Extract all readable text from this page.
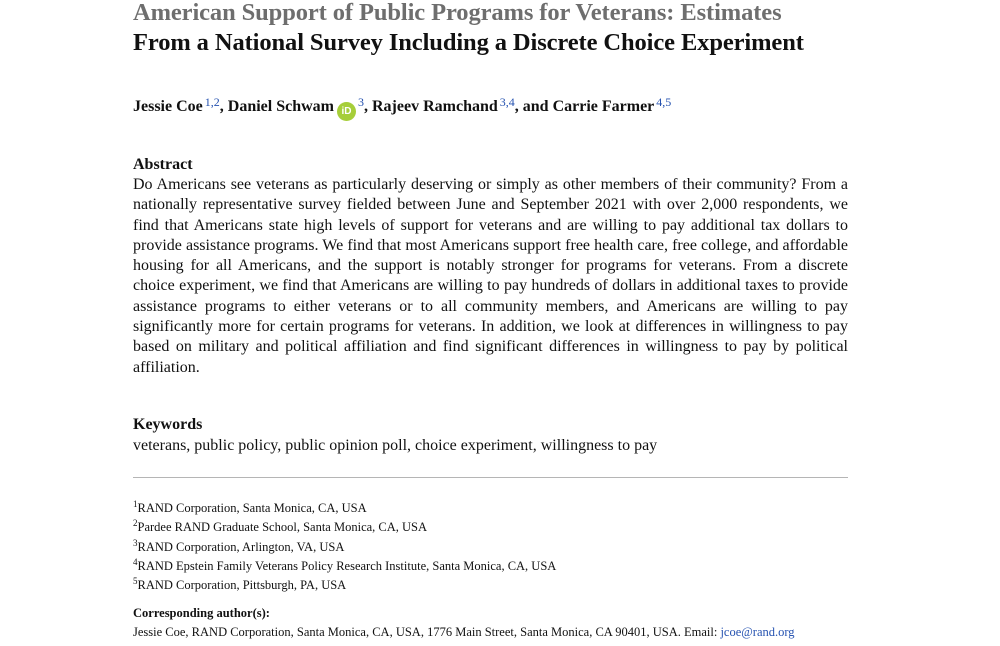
American Support of Public Programs for Veterans: Estimates
From a National Survey Including a Discrete Choice Experiment
Jessie Coe $^{1,2}$, Daniel Schwam $iD^3$, Rajeev Ramchand $^{3,4}$, and Carrie Farmer $^{4,5}$
Abstract

Do Americans see veterans as particularly deserving or simply as other members of their community? From a nationally representative survey fielded between June and September 2021 with over 2,000 respondents, we find that Americans state high levels of support for veterans and are willing to pay additional tax dollars to provide assistance programs. We find that most Americans support free health care, free college, and affordable housing for all Americans, and the support is notably stronger for programs for veterans. From a discrete choice experiment, we find that Americans are willing to pay hundreds of dollars in additional taxes to provide assistance programs to either veterans or to all community members, and Americans are willing to pay significantly more for certain programs for veterans. In addition, we look at differences in willingness to pay based on military and political affiliation and find significant differences in willingness to pay by political affiliation.

Keywords

veterans, public policy, public opinion poll, choice experiment, willingness to pay

$^1$RAND Corporation, Santa Monica, CA, USA
$^2$Pardee RAND Graduate School, Santa Monica, CA, USA
$^3$RAND Corporation, Arlington, VA, USA
$^4$RAND Epstein Family Veterans Policy Research Institute, Santa Monica, CA, USA
$^5$RAND Corporation, Pittsburgh, PA, USA
Corresponding author(s):
Jessie Coe, RAND Corporation, Santa Monica, CA, USA, 1776 Main Street, Santa Monica, CA 90401, USA. Email: jcoe@rand.org
